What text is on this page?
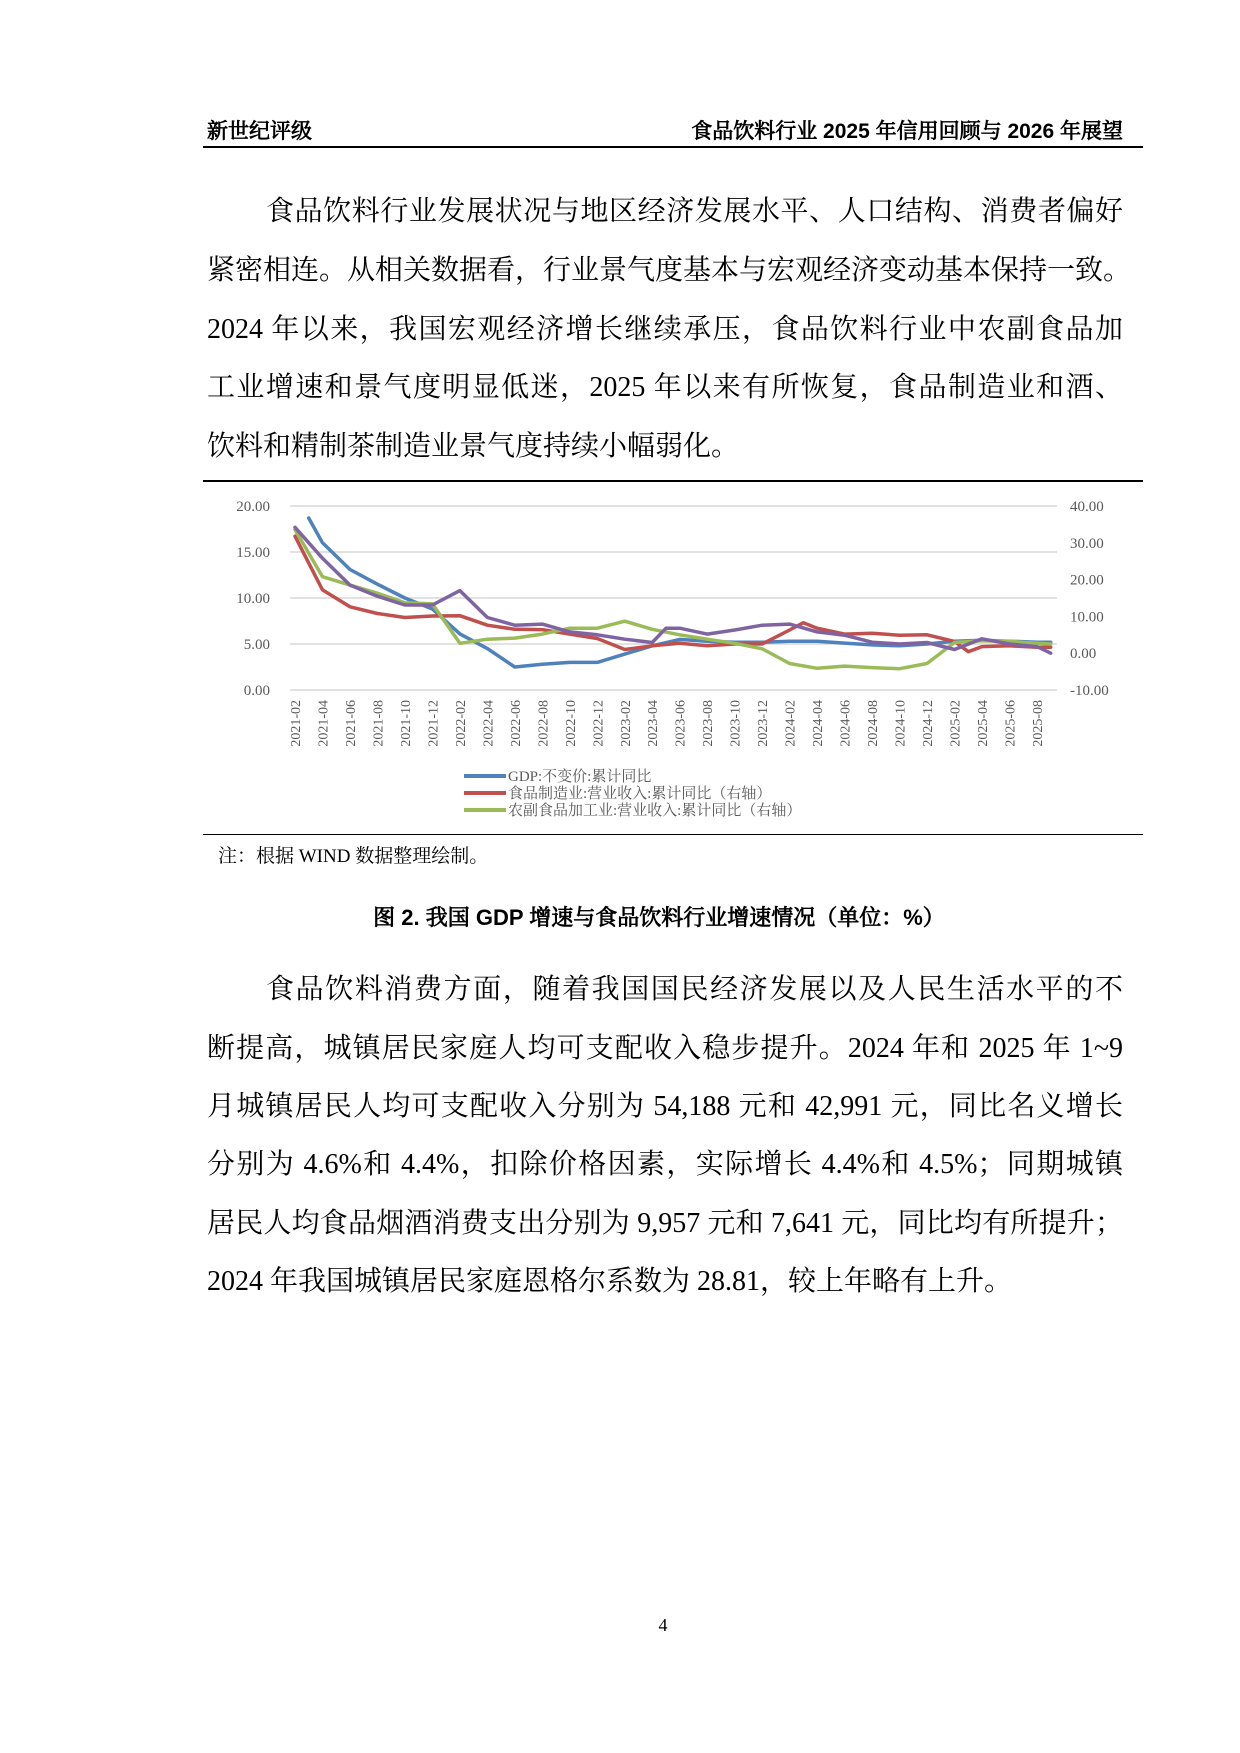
新世纪评级	食品饮料行业 2025 年信用回顾与 2026 年展望
食品饮料行业发展状况与地区经济发展水平、人口结构、消费者偏好
紧密相连。从相关数据看，行业景气度基本与宏观经济变动基本保持一致。
2024 年以来，我国宏观经济增长继续承压，食品饮料行业中农副食品加
工业增速和景气度明显低迷，2025 年以来有所恢复，食品制造业和酒、
饮料和精制茶制造业景气度持续小幅弱化。
0.00
5.00
10.00
15.00
20.00
-10.00
0.00
10.00
20.00
30.00
40.00
2021-02 2021-04 2021-06 2021-08 2021-10 2021-12 2022-02 2022-04 2022-06 2022-08 2022-10 2022-12 2023-02 2023-04 2023-06 2023-08 2023-10 2023-12 2024-02 2024-04 2024-06 2024-08 2024-10 2024-12 2025-02 2025-04 2025-06 2025-08
GDP:不变价:累计同比
食品制造业:营业收入:累计同比（右轴）
农副食品加工业:营业收入:累计同比（右轴）
注：根据 WIND 数据整理绘制。
图 2. 我国 GDP 增速与食品饮料行业增速情况（单位：%）
食品饮料消费方面，随着我国国民经济发展以及人民生活水平的不
断提高，城镇居民家庭人均可支配收入稳步提升。2024 年和 2025 年 1~9
月城镇居民人均可支配收入分别为 54,188 元和 42,991 元，同比名义增长
分别为 4.6%和 4.4%，扣除价格因素，实际增长 4.4%和 4.5%；同期城镇
居民人均食品烟酒消费支出分别为 9,957 元和 7,641 元，同比均有所提升；
2024 年我国城镇居民家庭恩格尔系数为 28.81，较上年略有上升。
4
